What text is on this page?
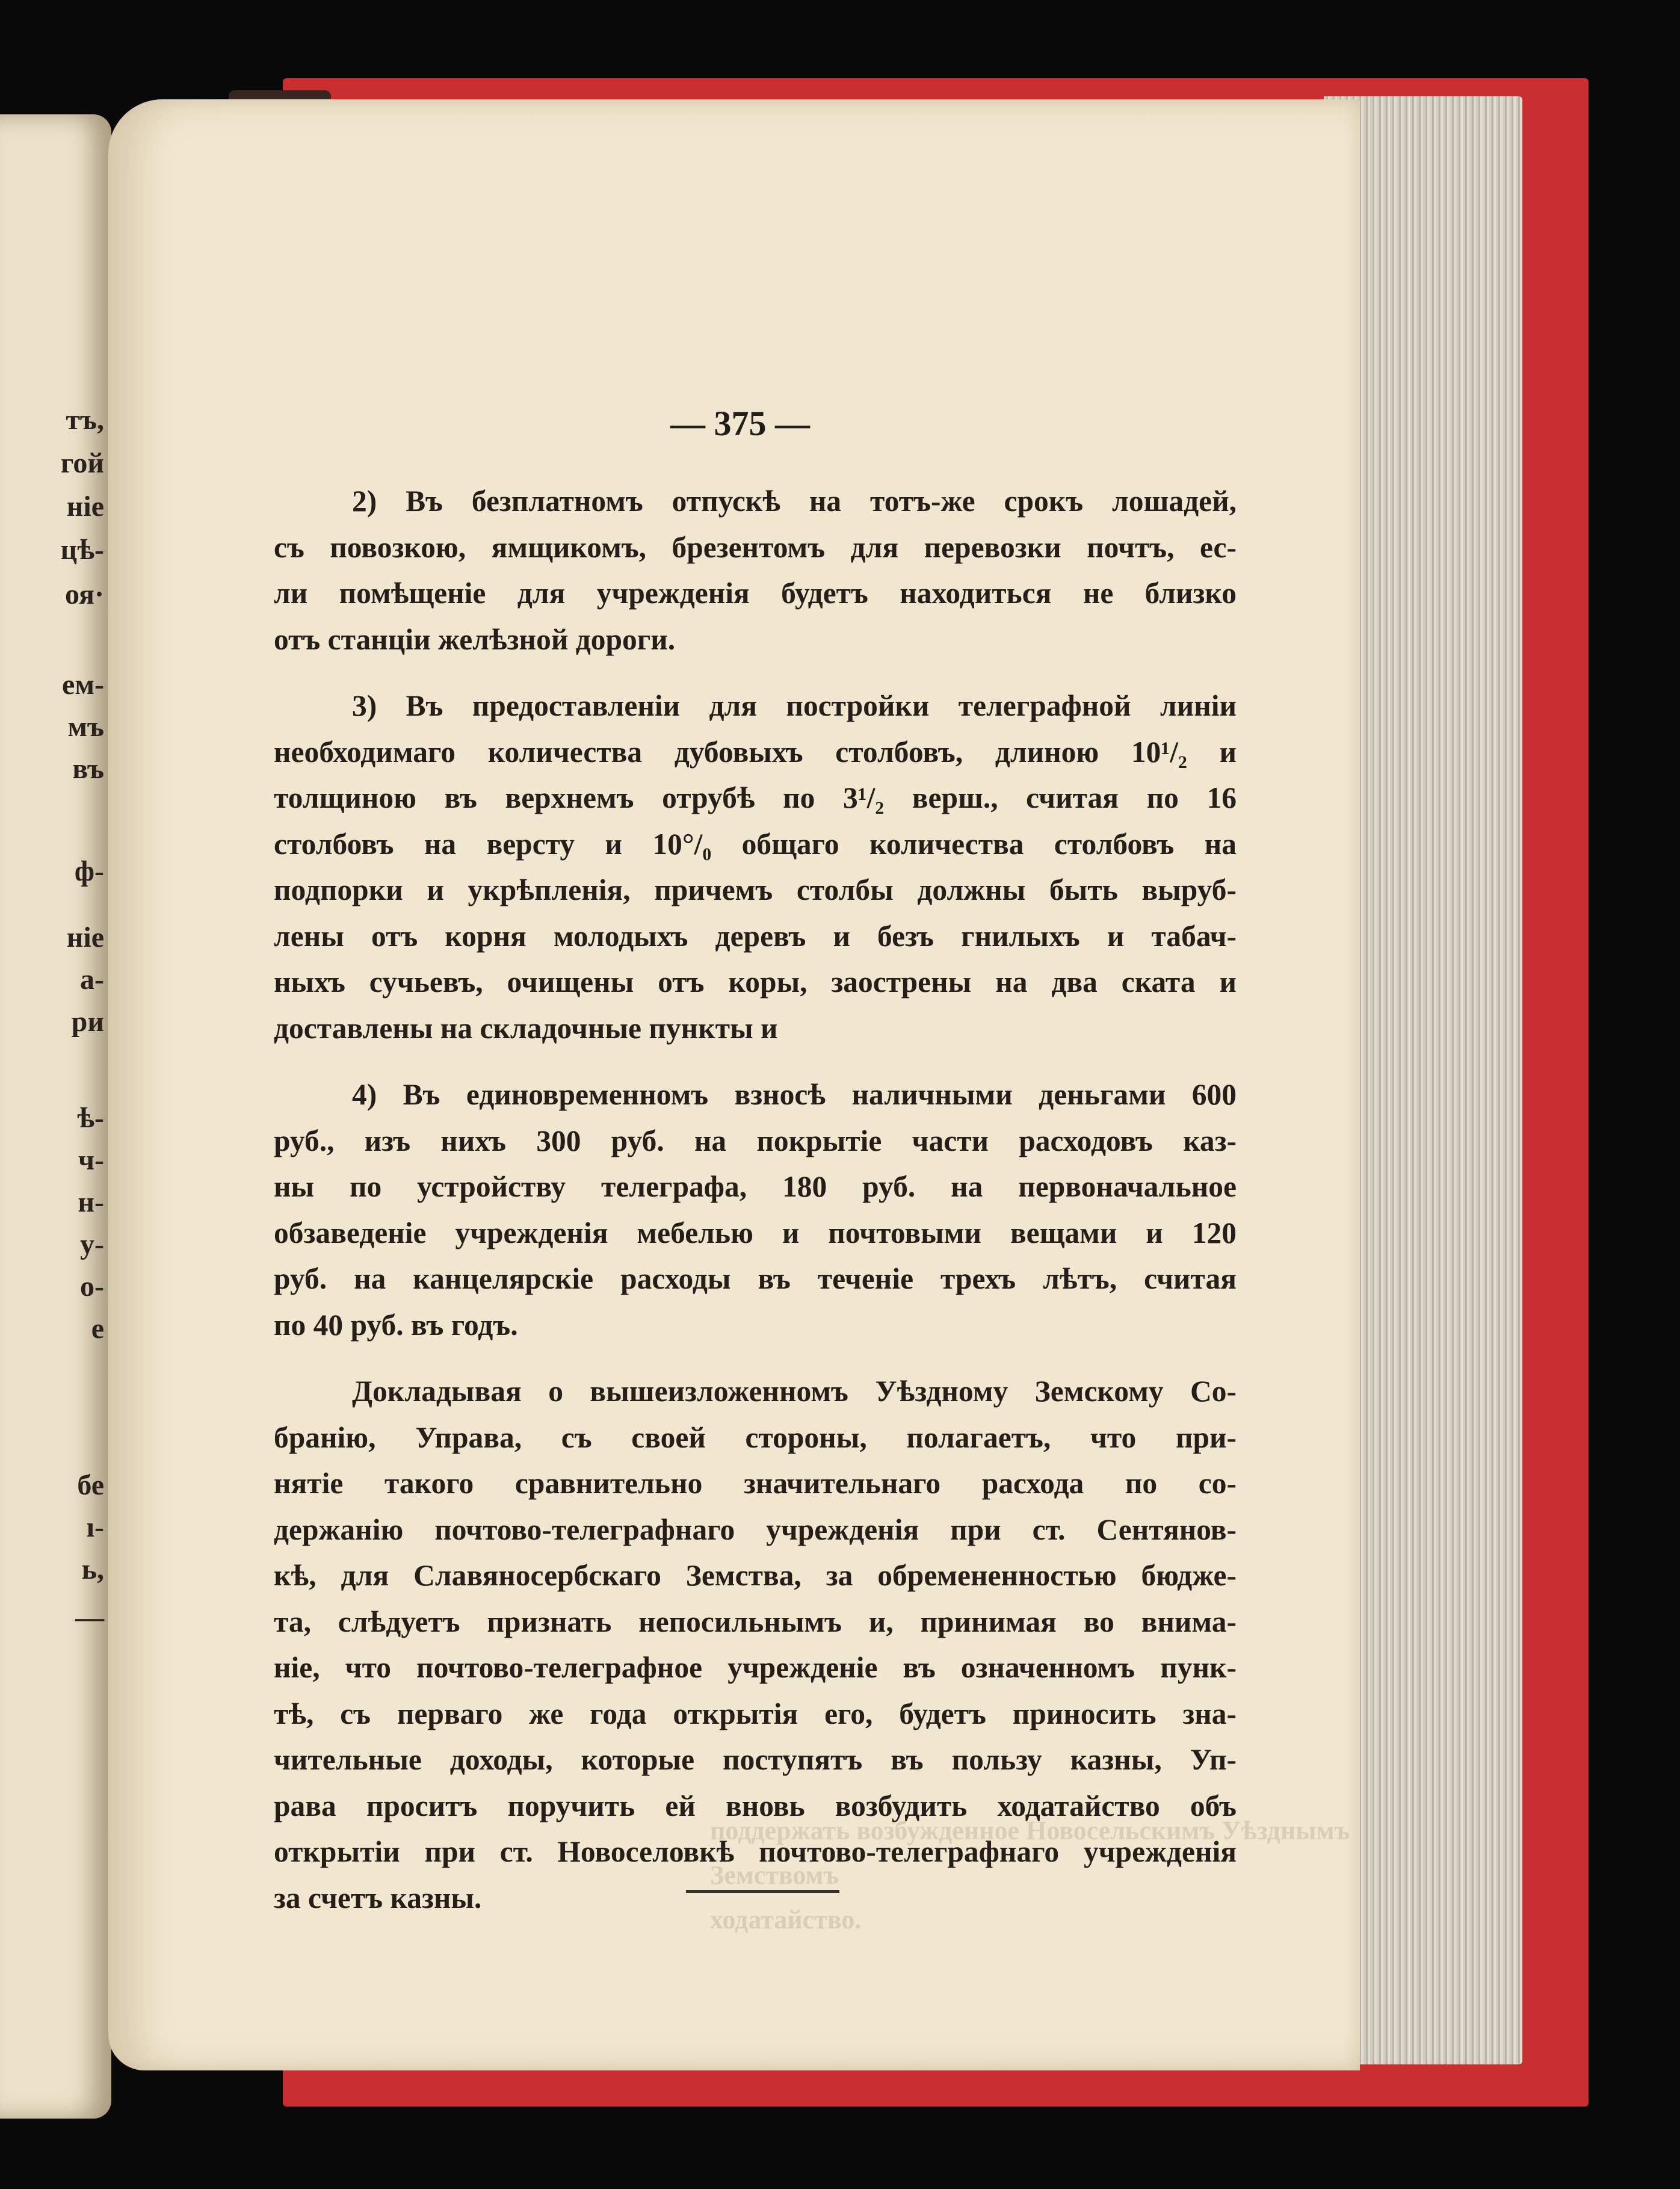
тъ,
гой
ніе
цѣ-
оя·
ем-
мъ
въ
ф-
ніе
а-
ри
ѣ-
ч-
н-
у-
о-
е
бе
ı-
ь,
—
поддержать возбужденное Новосельскимъ Уѣзднымъ Земствомъ
ходатайство.
— 375 —
2) Въ безплатномъ отпускѣ на тотъ-же срокъ лошадей,
съ повозкою, ямщикомъ, брезентомъ для перевозки почтъ, ес-
ли помѣщеніе для учрежденія будетъ находиться не близко
отъ станціи желѣзной дороги.
3) Въ предоставленіи для постройки телеграфной линіи
необходимаго количества дубовыхъ столбовъ, длиною 10¹/₂ и
толщиною въ верхнемъ отрубѣ по 3¹/₂ верш., считая по 16
столбовъ на версту и 10°/₀ общаго количества столбовъ на
подпорки и укрѣпленія, причемъ столбы должны быть выруб-
лены отъ корня молодыхъ деревъ и безъ гнилыхъ и табач-
ныхъ сучьевъ, очищены отъ коры, заострены на два ската и
доставлены на складочные пункты и
4) Въ единовременномъ взносѣ наличными деньгами 600
руб., изъ нихъ 300 руб. на покрытіе части расходовъ каз-
ны по устройству телеграфа, 180 руб. на первоначальное
обзаведеніе учрежденія мебелью и почтовыми вещами и 120
руб. на канцелярскіе расходы въ теченіе трехъ лѣтъ, считая
по 40 руб. въ годъ.
Докладывая о вышеизложенномъ Уѣздному Земскому Со-
бранію, Управа, съ своей стороны, полагаетъ, что при-
нятіе такого сравнительно значительнаго расхода по со-
держанію почтово-телеграфнаго учрежденія при ст. Сентянов-
кѣ, для Славяносербскаго Земства, за обремененностью бюдже-
та, слѣдуетъ признать непосильнымъ и, принимая во внима-
ніе, что почтово-телеграфное учрежденіе въ означенномъ пунк-
тѣ, съ перваго же года открытія его, будетъ приносить зна-
чительные доходы, которые поступятъ въ пользу казны, Уп-
рава проситъ поручить ей вновь возбудить ходатайство объ
открытіи при ст. Новоселовкѣ почтово-телеграфнаго учрежденія
за счетъ казны.
